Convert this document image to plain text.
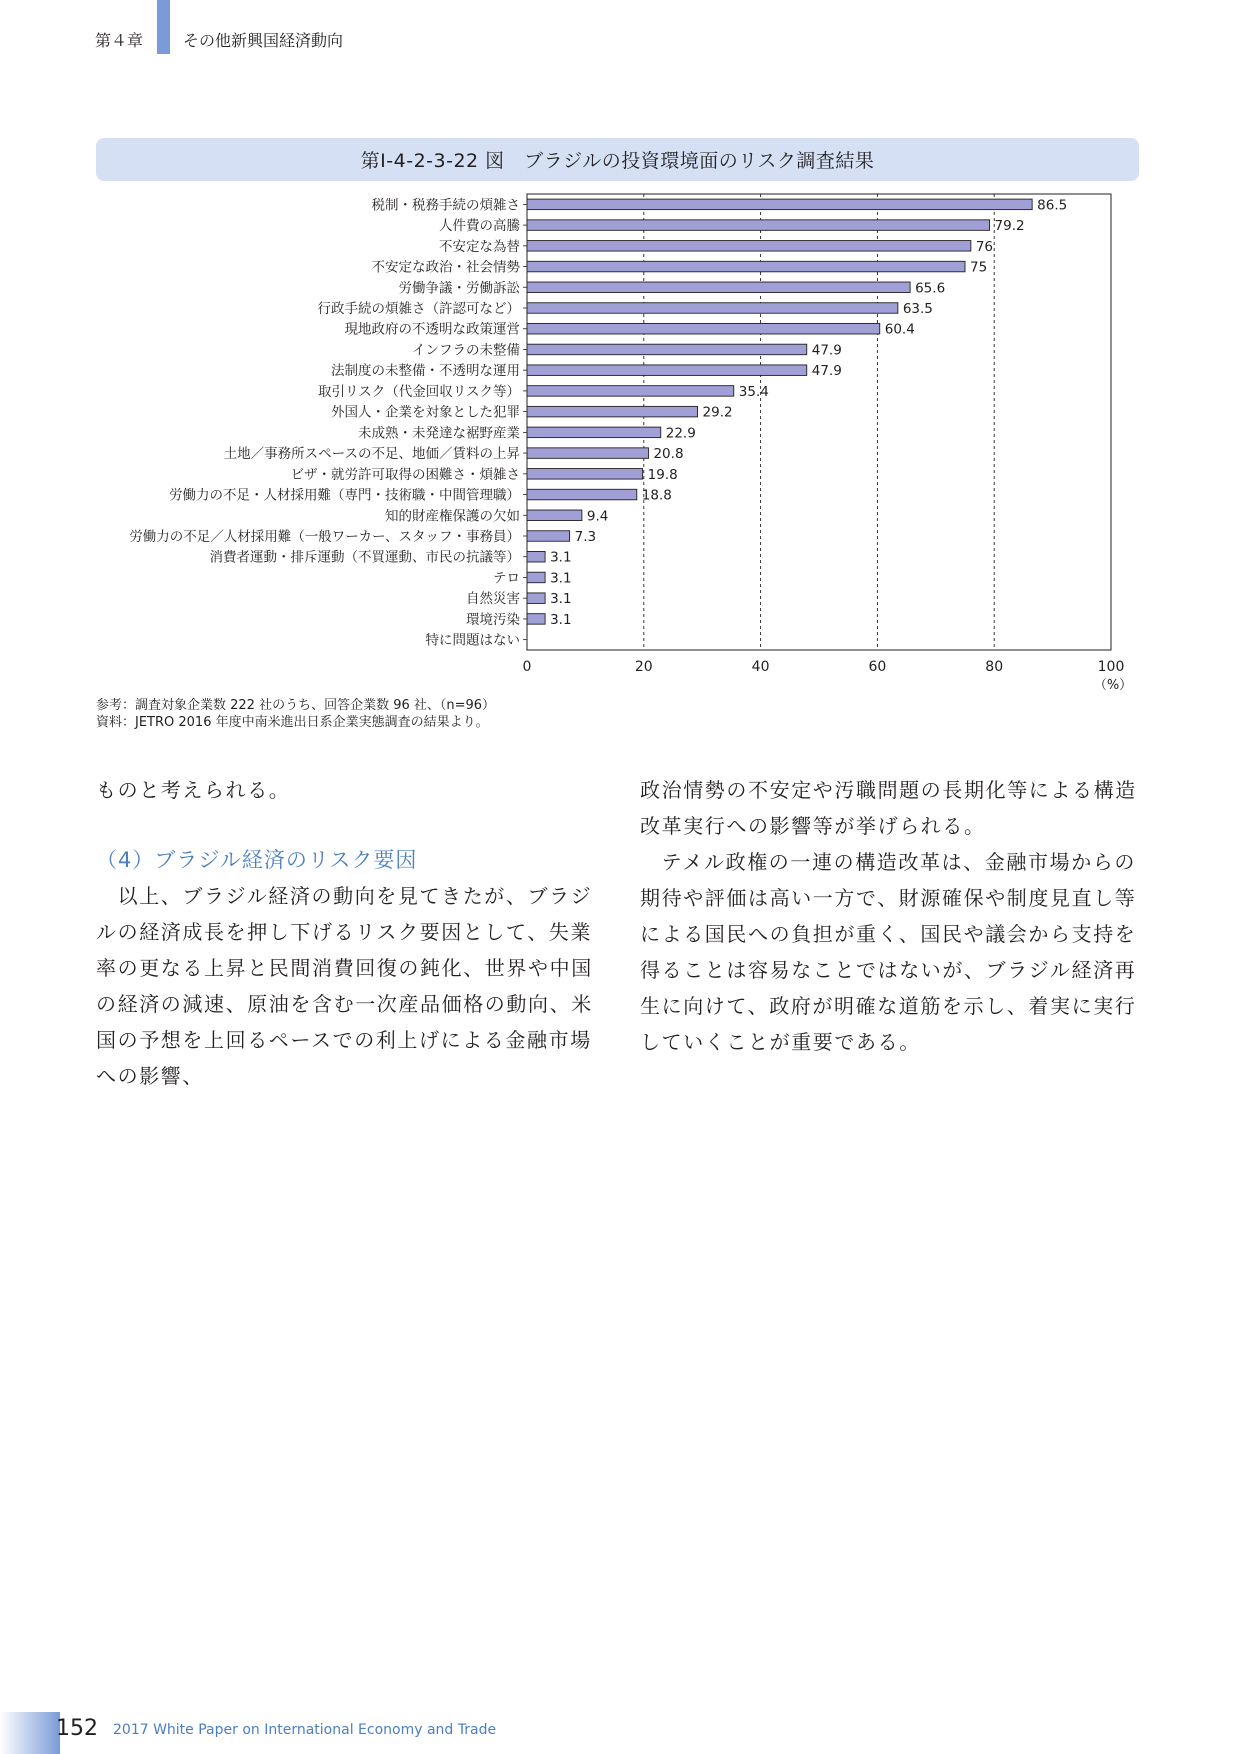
第４章 その他新興国経済動向
第Ⅰ-4-2-3-22 図　ブラジルの投資環境面のリスク調査結果
0	20	40	60	80	100
（%）
税制・税務手続の煩雑さ	86.5
人件費の高騰	79.2
不安定な為替	76
不安定な政治・社会情勢	75
労働争議・労働訴訟	65.6
行政手続の煩雑さ（許認可など）	63.5
現地政府の不透明な政策運営	60.4
インフラの未整備	47.9
法制度の未整備・不透明な運用	47.9
取引リスク（代金回収リスク等）	35.4
外国人・企業を対象とした犯罪	29.2
未成熟・未発達な裾野産業	22.9
土地／事務所スペースの不足、地価／賃料の上昇	20.8
ビザ・就労許可取得の困難さ・煩雑さ	19.8
労働力の不足・人材採用難（専門・技術職・中間管理職）	18.8
知的財産権保護の欠如	9.4
労働力の不足／人材採用難（一般ワーカー、スタッフ・事務員）	7.3
消費者運動・排斥運動（不買運動、市民の抗議等） 3.1
テロ 3.1
自然災害 3.1
環境汚染 3.1
特に問題はない
参考：調査対象企業数 222 社のうち、回答企業数 96 社、（n=96）
資料：JETRO 2016 年度中南米進出日系企業実態調査の結果より。

ものと考えられる。

（4）ブラジル経済のリスク要因

　以上、ブラジル経済の動向を見てきたが、ブラジルの経済成長を押し下げるリスク要因として、失業率の更なる上昇と民間消費回復の鈍化、世界や中国の経済の減速、原油を含む一次産品価格の動向、米国の予想を上回るペースでの利上げによる金融市場への影響、

政治情勢の不安定や汚職問題の長期化等による構造改革実行への影響等が挙げられる。

　テメル政権の一連の構造改革は、金融市場からの期待や評価は高い一方で、財源確保や制度見直し等による国民への負担が重く、国民や議会から支持を得ることは容易なことではないが、ブラジル経済再生に向けて、政府が明確な道筋を示し、着実に実行していくことが重要である。

152 2017 White Paper on International Economy and Trade
